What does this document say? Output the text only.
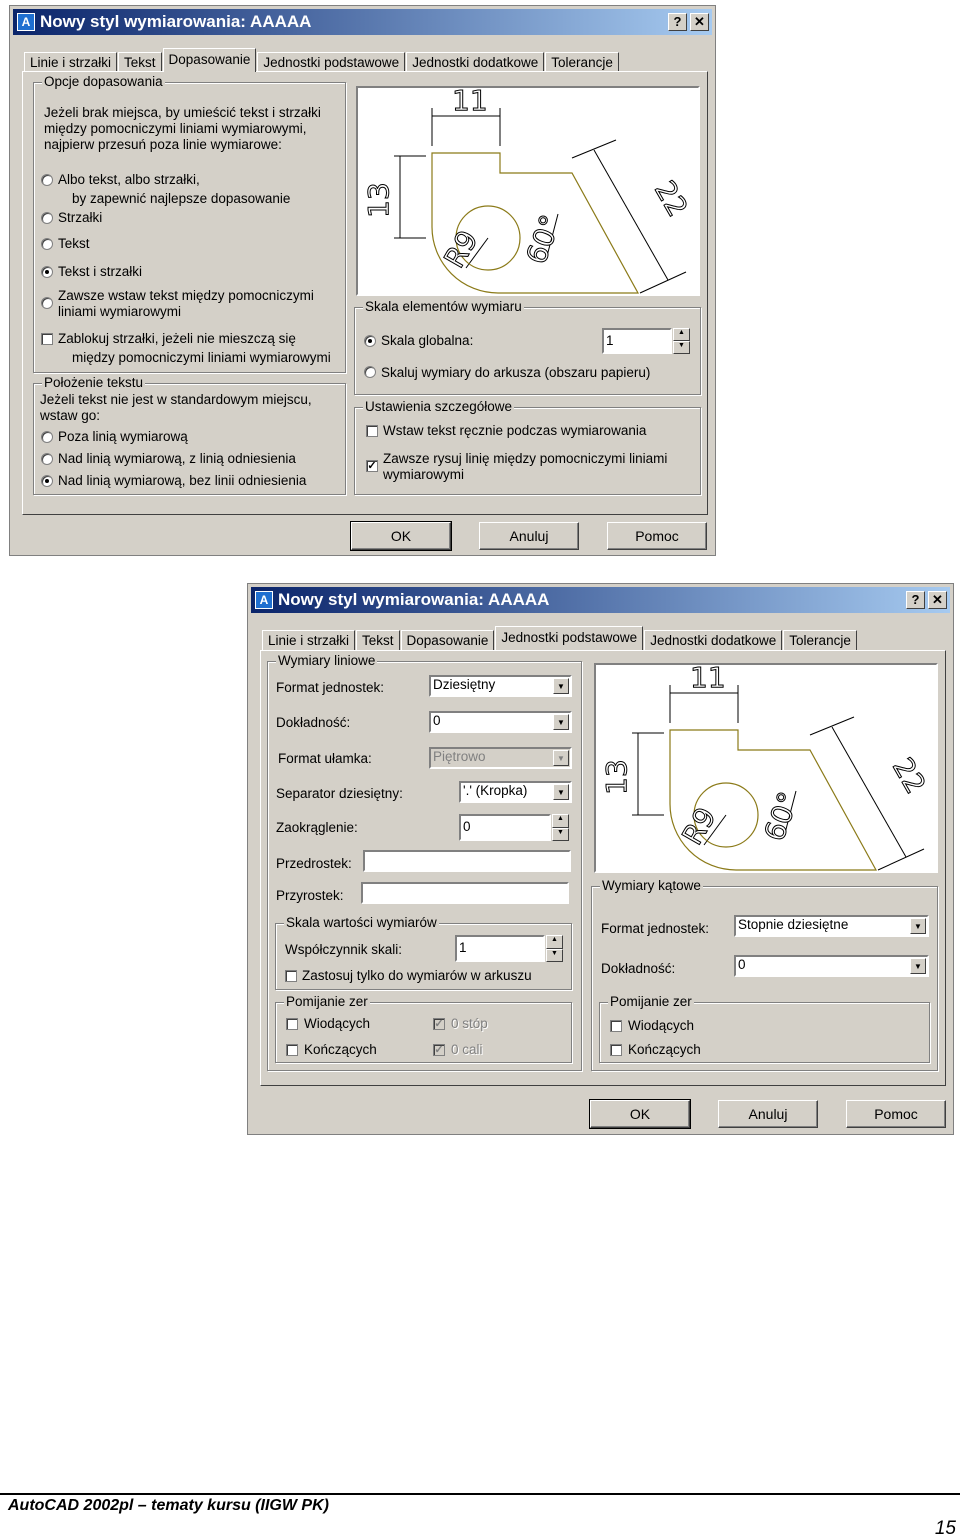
A Nowy styl wymiarowania: AAAAA	? ✕
Linie i strzałki Tekst Dopasowanie Jednostki podstawowe Jednostki dodatkowe Tolerancje
Opcje dopasowania
Jeżeli brak miejsca, by umieścić tekst i strzałki
między pomocniczymi liniami wymiarowymi,
najpierw przesuń poza linie wymiarowe:
Albo tekst, albo strzałki,
by zapewnić najlepsze dopasowanie
Strzałki
Tekst
Tekst i strzałki
Zawsze wstaw tekst między pomocniczymi
liniami wymiarowymi
Zablokuj strzałki, jeżeli nie mieszczą się
między pomocniczymi liniami wymiarowymi
Położenie tekstu
Jeżeli tekst nie jest w standardowym miejscu,
wstaw go:
Poza linią wymiarową
Nad linią wymiarową, z linią odniesienia
Nad linią wymiarową, bez linii odniesienia
11
13
R9 60°
22
Skala elementów wymiaru
Skala globalna:	1
▲
▼
Skaluj wymiary do arkusza (obszaru papieru)
Ustawienia szczegółowe
Wstaw tekst ręcznie podczas wymiarowania
✓ Zawsze rysuj linię między pomocniczymi liniami
wymiarowymi
OK	Anuluj	Pomoc
A Nowy styl wymiarowania: AAAAA	? ✕
Linie i strzałki Tekst Dopasowanie Jednostki podstawowe Jednostki dodatkowe Tolerancje
Wymiary liniowe
Format jednostek:	Dziesiętny	▼
Dokładność:	0	▼
Format ułamka:	Piętrowo	▼
Separator dziesiętny:	'.' (Kropka)	▼
Zaokrąglenie:	0
▲
▼
Przedrostek:
Przyrostek:
Skala wartości wymiarów
Współczynnik skali:	1
▲
▼
Zastosuj tylko do wymiarów w arkuszu
Pomijanie zer
Wiodących	✓ 0 stóp
Kończących	✓ 0 cali
11
13
R9 60°
22
Wymiary kątowe
Format jednostek: Stopnie dziesiętne	▼
Dokładność:	0	▼
Pomijanie zer
Wiodących
Kończących
OK	Anuluj	Pomoc
AutoCAD 2002pl – tematy kursu (IIGW PK)
15
